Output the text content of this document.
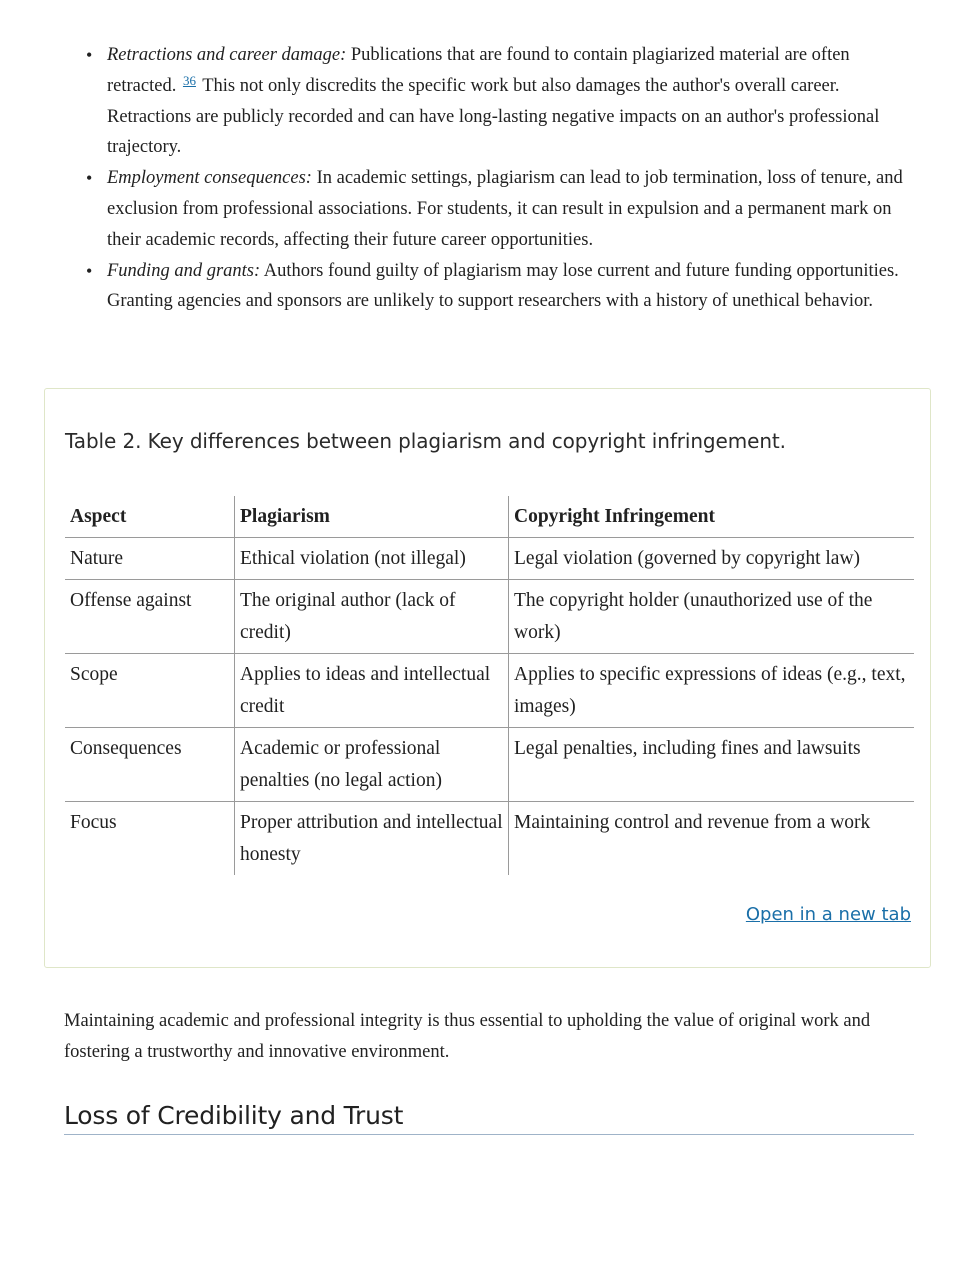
• Retractions and career damage: Publications that are found to contain plagiarized material are often retracted. $^{36}$ This not only discredits the specific work but also damages the author's overall career. Retractions are publicly recorded and can have long-lasting negative impacts on an author's professional trajectory.
• Employment consequences: In academic settings, plagiarism can lead to job termination, loss of tenure, and exclusion from professional associations. For students, it can result in expulsion and a permanent mark on their academic records, affecting their future career opportunities.
• Funding and grants: Authors found guilty of plagiarism may lose current and future funding opportunities. Granting agencies and sponsors are unlikely to support researchers with a history of unethical behavior.
Table 2. Key differences between plagiarism and copyright infringement.
Aspect	Plagiarism	Copyright Infringement
Nature	Ethical violation (not illegal)	Legal violation (governed by copyright law)
Offense against	The original author (lack of credit)	The copyright holder (unauthorized use of the work)
Scope	Applies to ideas and intellectual credit	Applies to specific expressions of ideas (e.g., text, images)
Consequences	Academic or professional penalties (no legal action)	Legal penalties, including fines and lawsuits
Focus	Proper attribution and intellectual honesty	Maintaining control and revenue from a work
Open in a new tab

Maintaining academic and professional integrity is thus essential to upholding the value of original work and fostering a trustworthy and innovative environment.

Loss of Credibility and Trust
